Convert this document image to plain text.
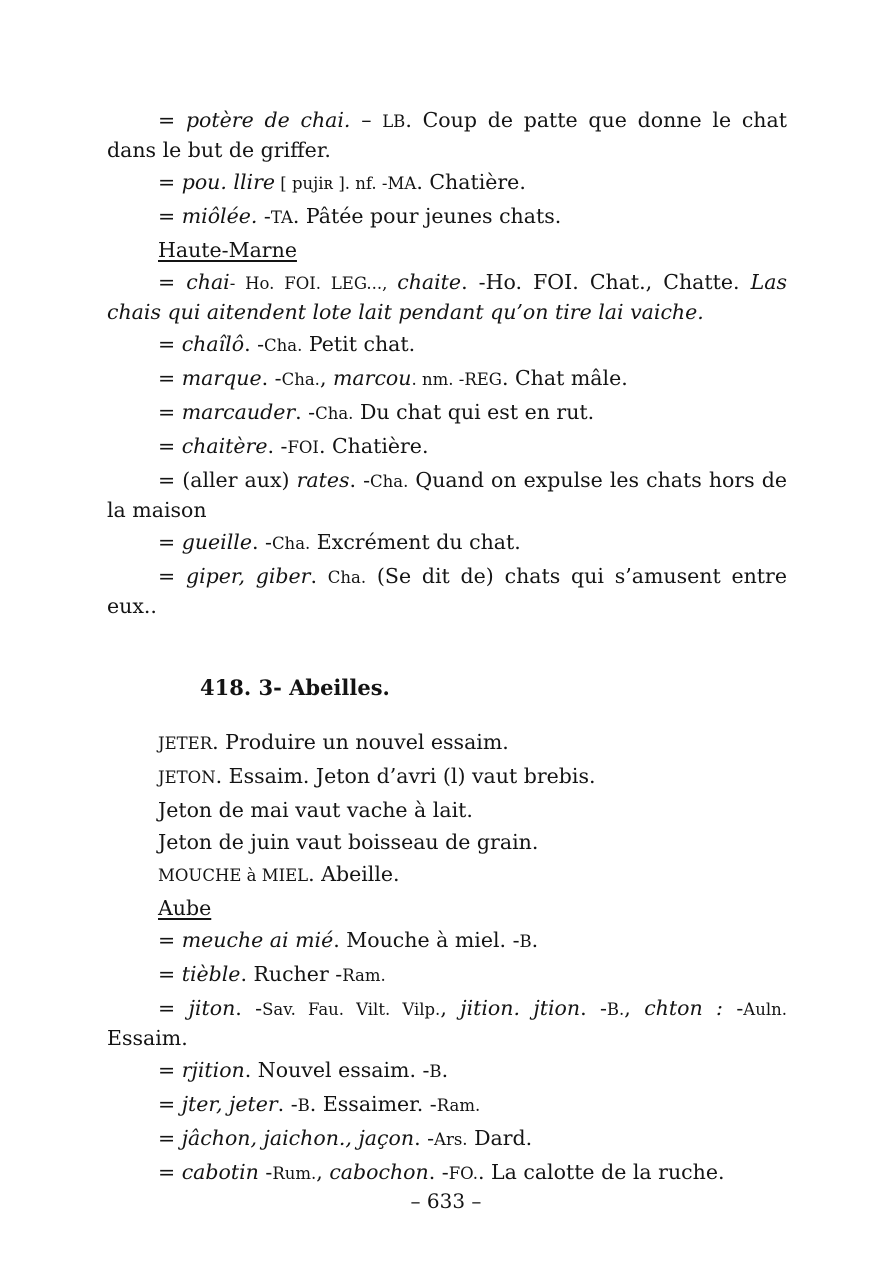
= potère de chai. – LB. Coup de patte que donne le chat dans le but de griffer.

= pou. llire [ pujiʀ ]. nf. -MA. Chatière.

= miôlée. -TA. Pâtée pour jeunes chats.

Haute-Marne

= chai- Ho. FOI. LEG..., chaite. -Ho. FOI. Chat., Chatte. Las chais qui aitendent lote lait pendant qu’on tire lai vaiche.

= chaîlô. -Cha. Petit chat.

= marque. -Cha., marcou. nm. -REG. Chat mâle.

= marcauder. -Cha. Du chat qui est en rut.

= chaitère. -FOI. Chatière.

= (aller aux) rates. -Cha. Quand on expulse les chats hors de la maison

= gueille. -Cha. Excrément du chat.

= giper, giber. Cha. (Se dit de) chats qui s’amusent entre eux..

418. 3- Abeilles.

JETER. Produire un nouvel essaim.

JETON. Essaim. Jeton d’avri (l) vaut brebis.

Jeton de mai vaut vache à lait.

Jeton de juin vaut boisseau de grain.

MOUCHE à MIEL. Abeille.

Aube

= meuche ai mié. Mouche à miel. -B.

= tièble. Rucher -Ram.

= jiton. -Sav. Fau. Vilt. Vilp., jition. jtion. -B., chton : -Auln. Essaim.

= rjition. Nouvel essaim. -B.

= jter, jeter. -B. Essaimer. -Ram.

= jâchon, jaichon., jaçon. -Ars. Dard.

= cabotin -Rum., cabochon. -FO.. La calotte de la ruche.

– 633 –
